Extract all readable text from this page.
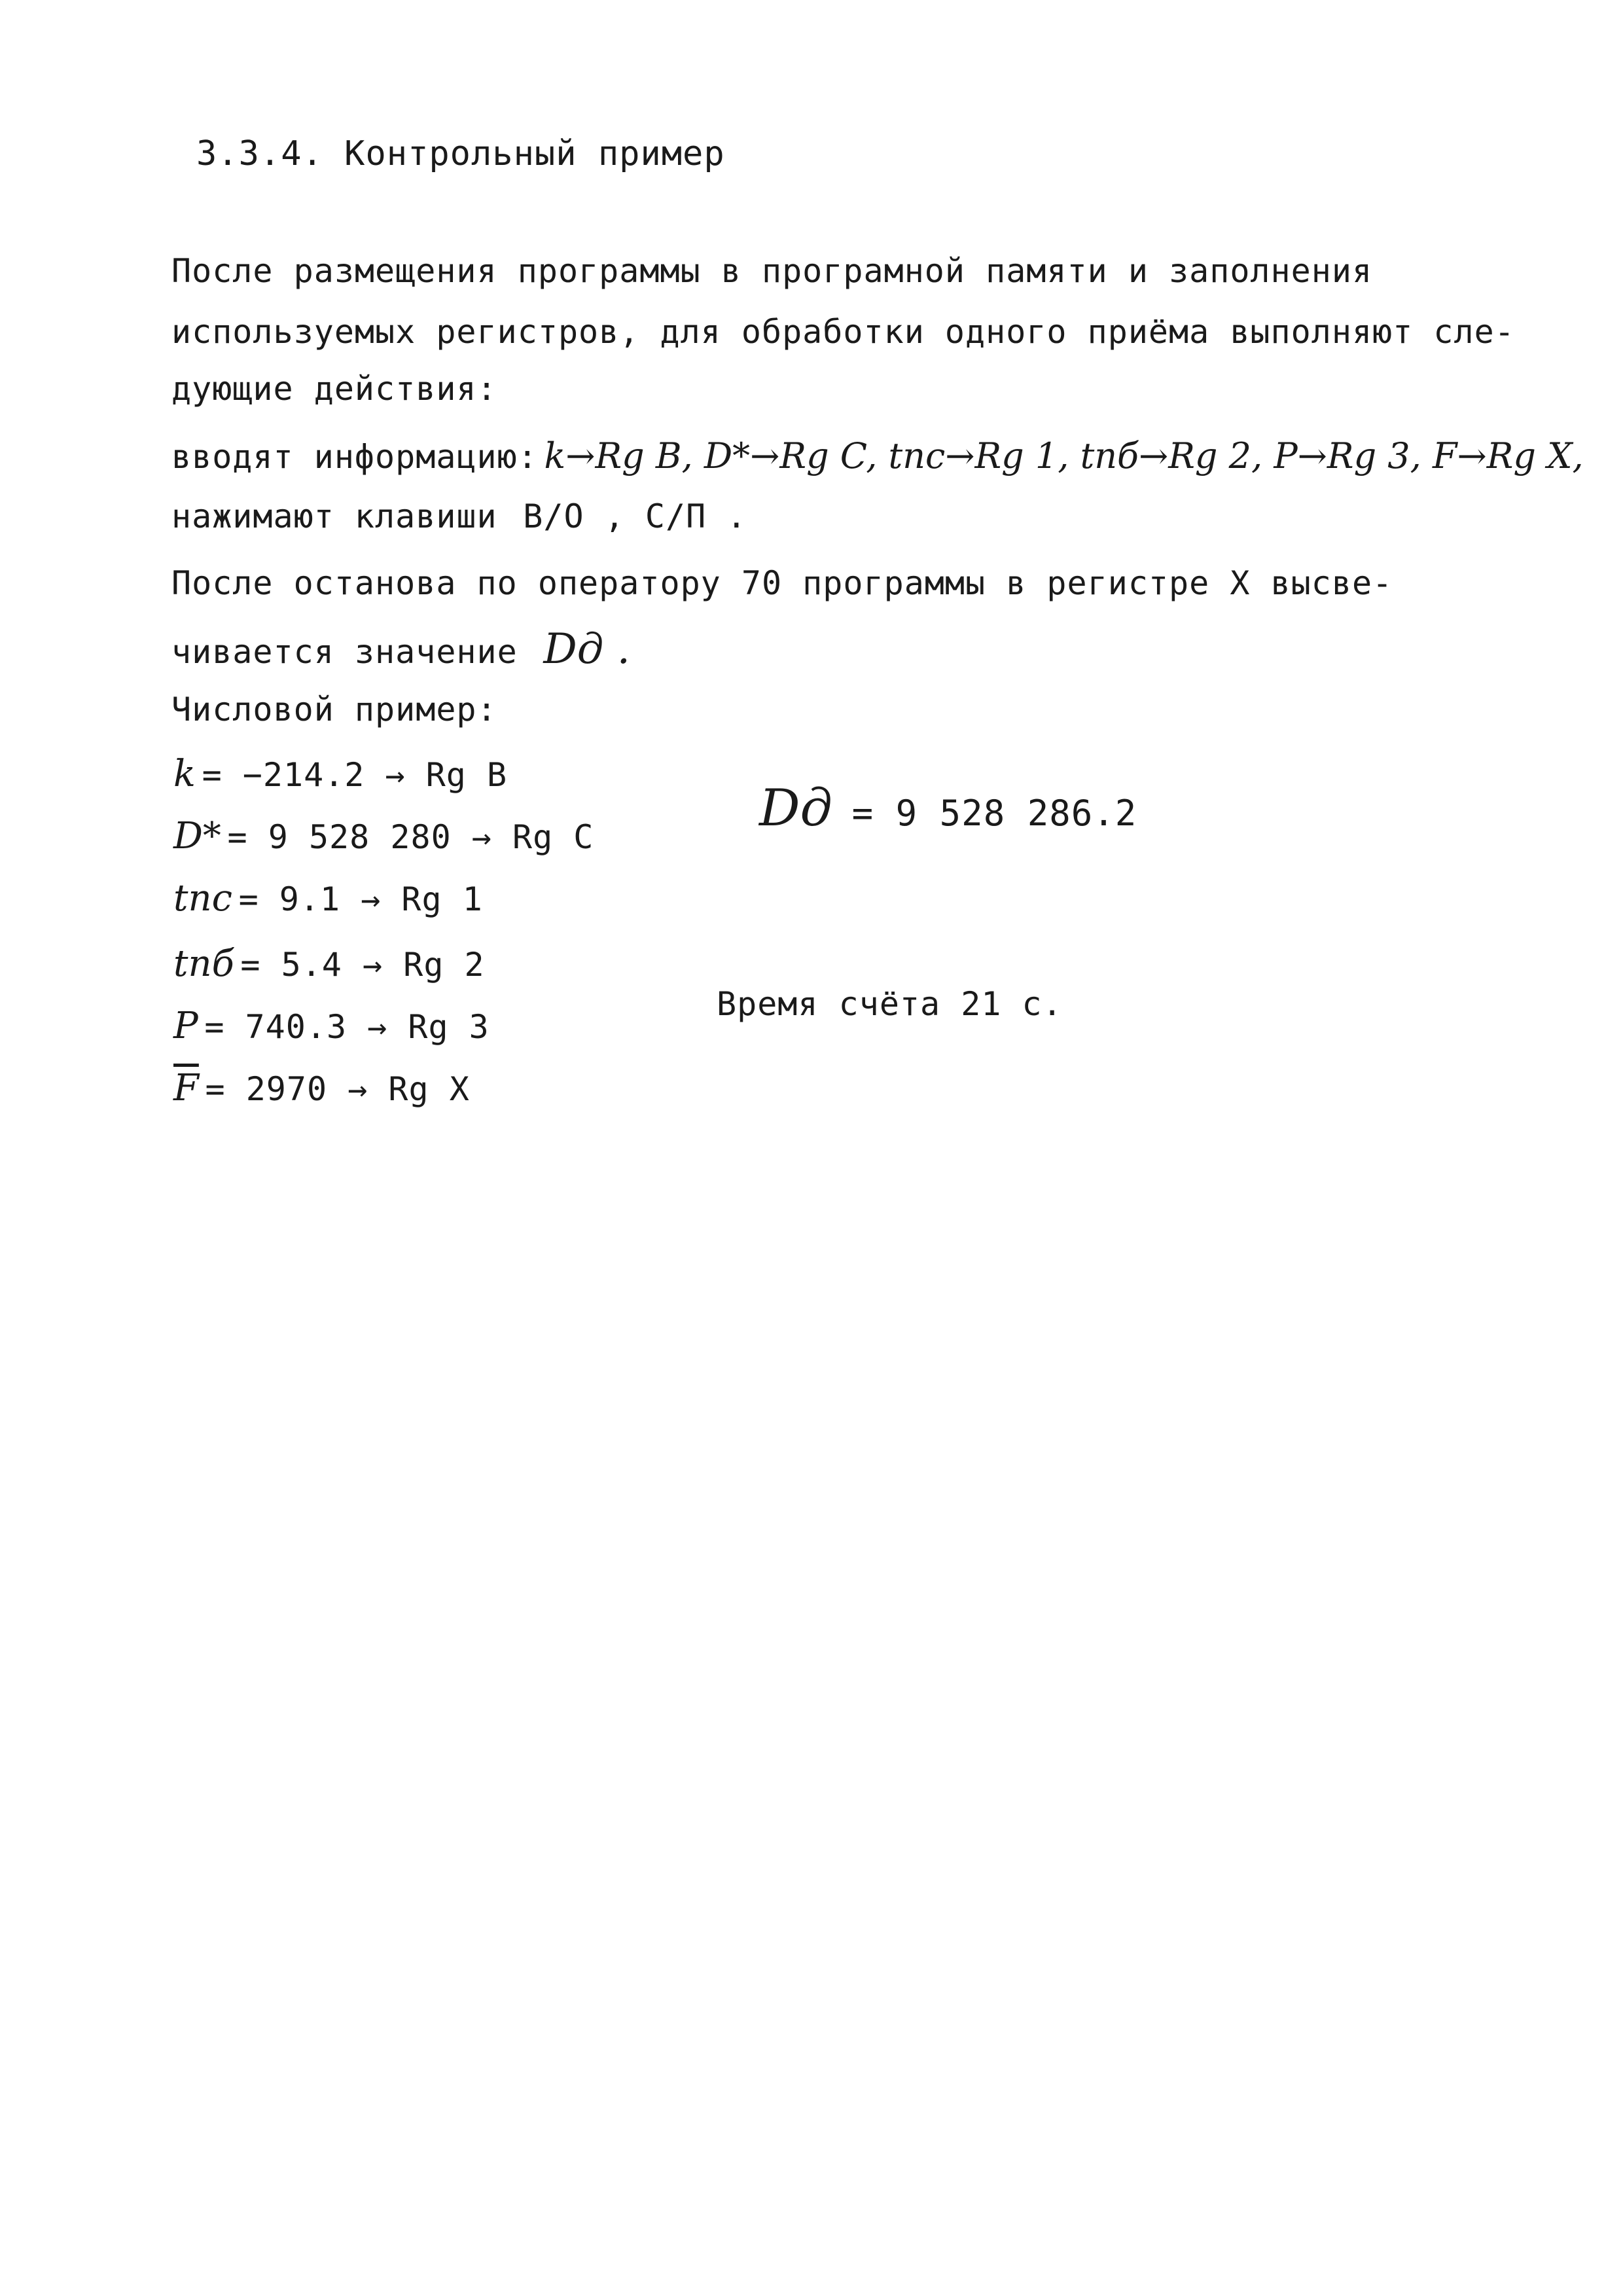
3.3.4. Контрольный пример
После размещения программы в програмной памяти и заполнения
используемых регистров, для обработки одного приёма выполняют сле-
дующие действия:
вводят информацию: k→Rg B, D*→Rg C, tпс→Rg 1, tпб→Rg 2, P→Rg 3, F→Rg X,
нажимают клавиши В/О , С/П .
После останова по оператору 70 программы в регистре X высве-
чивается значение Dд .
Числовой пример:
k = −214.2 → Rg B
D* = 9 528 280 → Rg C
tпс = 9.1 → Rg 1
tпб = 5.4 → Rg 2
P = 740.3 → Rg 3
$\overline{F} = 2970 \to Rg$ X
Dд = 9 528 286.2
Время счёта 21 с.
